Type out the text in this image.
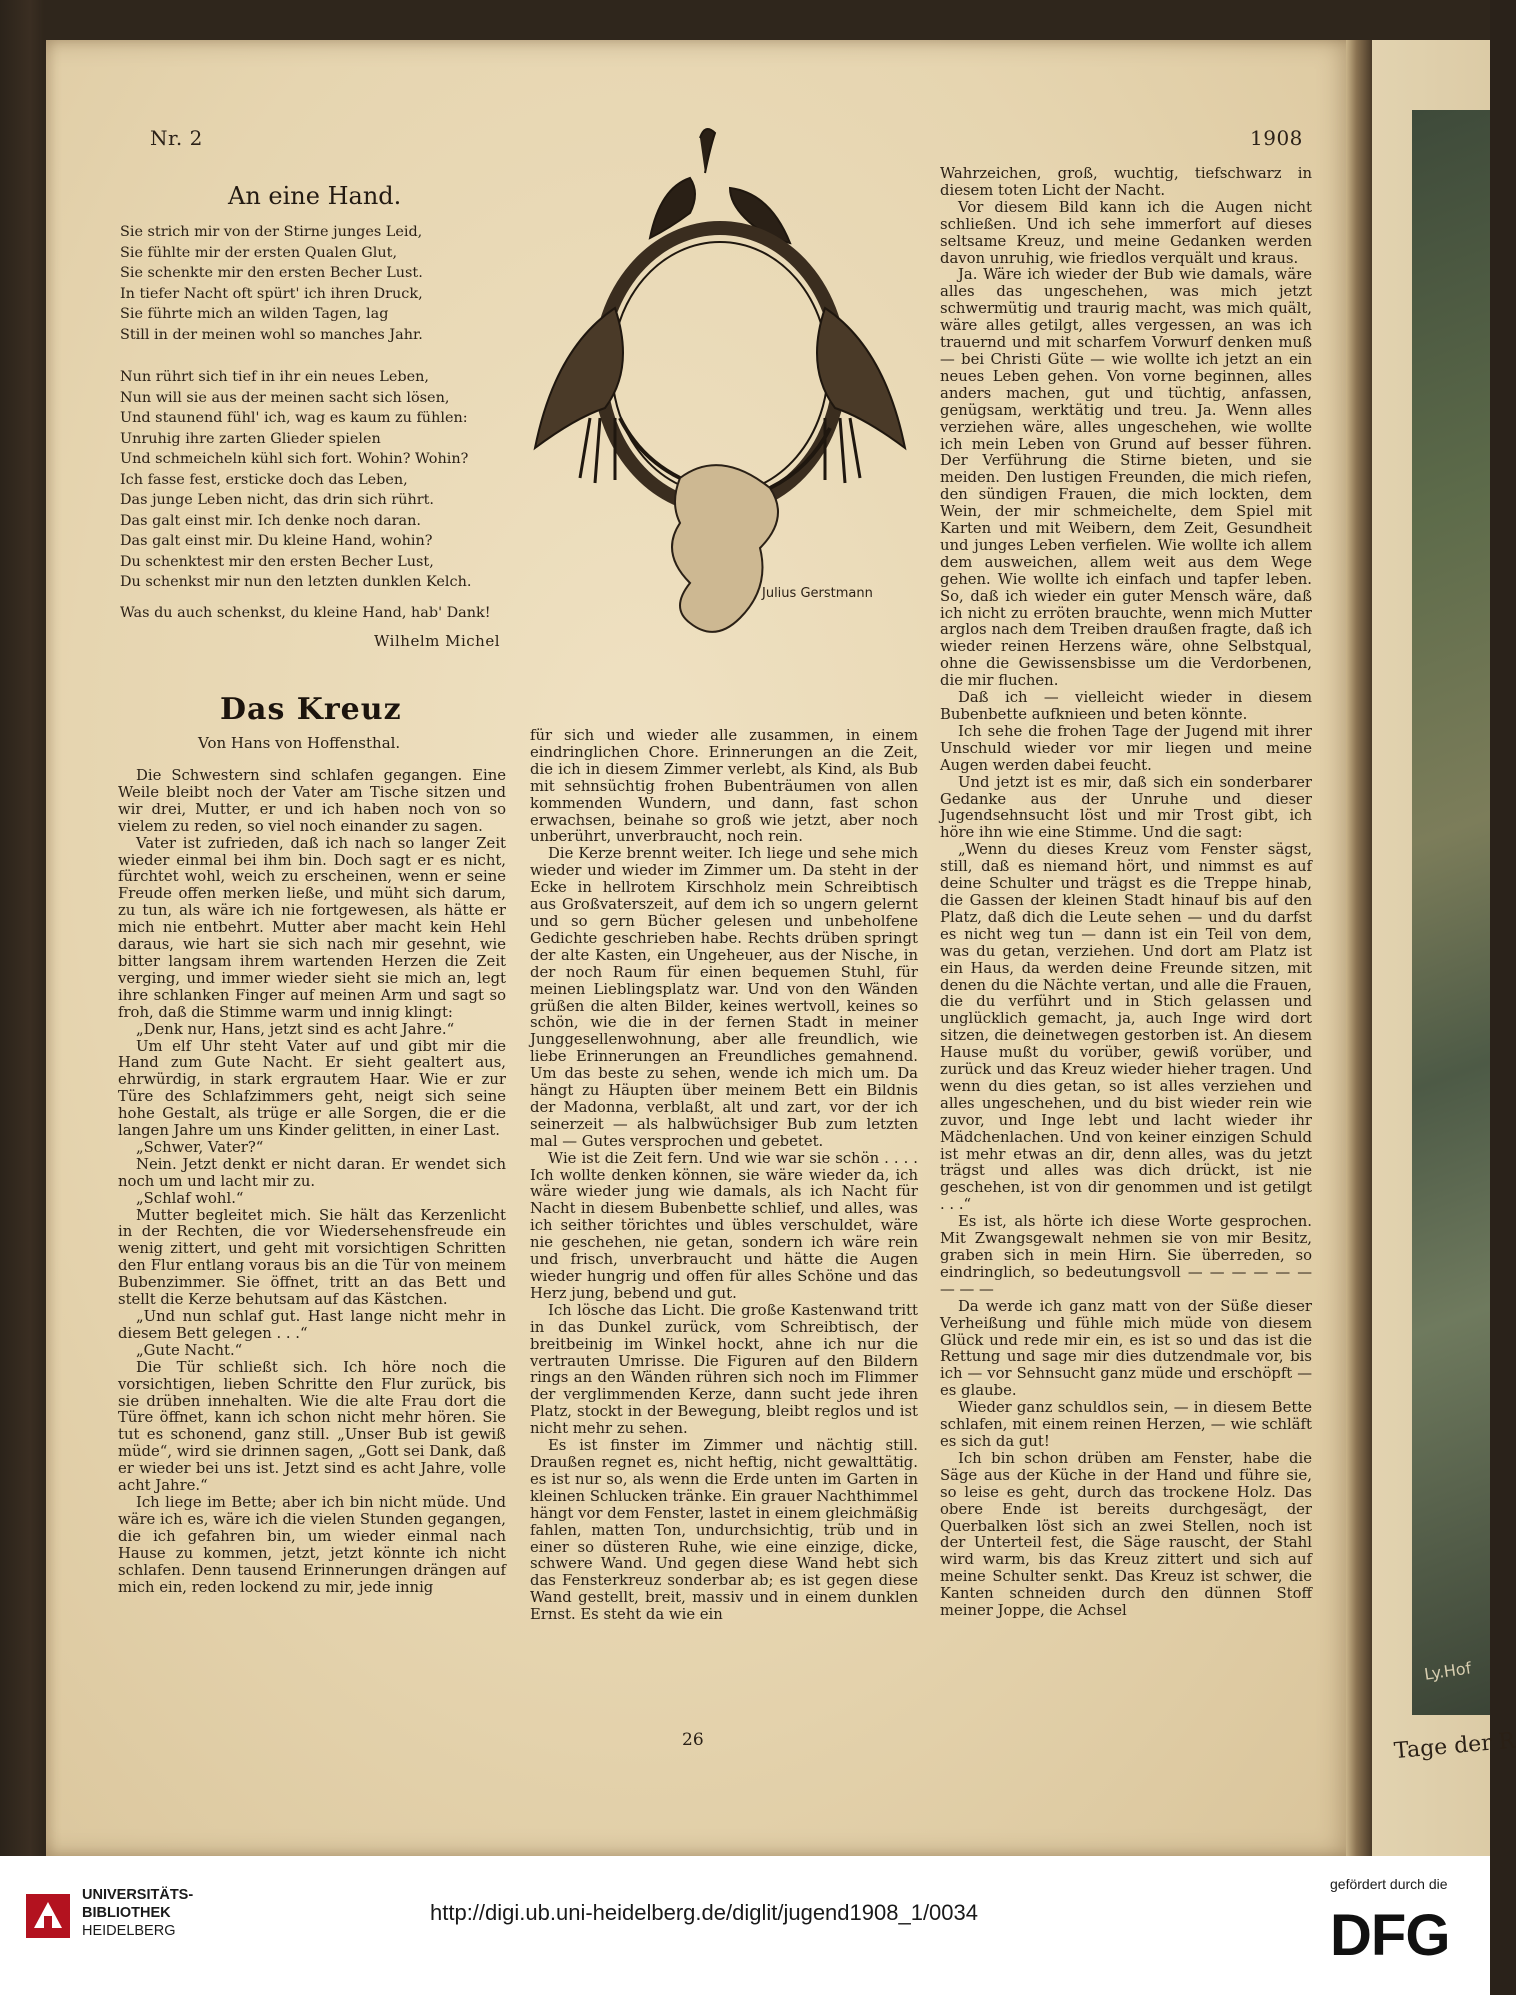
Ly.Hof
Tage der R
Nr. 2	1908
An eine Hand.
Sie strich mir von der Stirne junges Leid,
Sie fühlte mir der ersten Qualen Glut,
Sie schenkte mir den ersten Becher Lust.
In tiefer Nacht oft spürt' ich ihren Druck,
Sie führte mich an wilden Tagen, lag
Still in der meinen wohl so manches Jahr.
Nun rührt sich tief in ihr ein neues Leben,
Nun will sie aus der meinen sacht sich lösen,
Und staunend fühl' ich, wag es kaum zu fühlen:
Unruhig ihre zarten Glieder spielen
Und schmeicheln kühl sich fort. Wohin? Wohin?
Ich fasse fest, ersticke doch das Leben,
Das junge Leben nicht, das drin sich rührt.
Das galt einst mir. Ich denke noch daran.
Das galt einst mir. Du kleine Hand, wohin?
Du schenktest mir den ersten Becher Lust,
Du schenkst mir nun den letzten dunklen Kelch.
Was du auch schenkst, du kleine Hand, hab' Dank!
Wilhelm Michel
Julius Gerstmann
Das Kreuz
Von Hans von Hoffensthal.

Die Schwestern sind schlafen gegangen. Eine Weile bleibt noch der Vater am Tische sitzen und wir drei, Mutter, er und ich haben noch von so vielem zu reden, so viel noch einander zu sagen.

Vater ist zufrieden, daß ich nach so langer Zeit wieder einmal bei ihm bin. Doch sagt er es nicht, fürchtet wohl, weich zu erscheinen, wenn er seine Freude offen merken ließe, und müht sich darum, zu tun, als wäre ich nie fortgewesen, als hätte er mich nie entbehrt. Mutter aber macht kein Hehl daraus, wie hart sie sich nach mir gesehnt, wie bitter langsam ihrem wartenden Herzen die Zeit verging, und immer wieder sieht sie mich an, legt ihre schlanken Finger auf meinen Arm und sagt so froh, daß die Stimme warm und innig klingt:

„Denk nur, Hans, jetzt sind es acht Jahre.“

Um elf Uhr steht Vater auf und gibt mir die Hand zum Gute Nacht. Er sieht gealtert aus, ehrwürdig, in stark ergrautem Haar. Wie er zur Türe des Schlafzimmers geht, neigt sich seine hohe Gestalt, als trüge er alle Sorgen, die er die langen Jahre um uns Kinder gelitten, in einer Last.

„Schwer, Vater?“

Nein. Jetzt denkt er nicht daran. Er wendet sich noch um und lacht mir zu.

„Schlaf wohl.“

Mutter begleitet mich. Sie hält das Kerzenlicht in der Rechten, die vor Wiedersehensfreude ein wenig zittert, und geht mit vorsichtigen Schritten den Flur entlang voraus bis an die Tür von meinem Bubenzimmer. Sie öffnet, tritt an das Bett und stellt die Kerze behutsam auf das Kästchen.

„Und nun schlaf gut. Hast lange nicht mehr in diesem Bett gelegen . . .“

„Gute Nacht.“

Die Tür schließt sich. Ich höre noch die vorsichtigen, lieben Schritte den Flur zurück, bis sie drüben innehalten. Wie die alte Frau dort die Türe öffnet, kann ich schon nicht mehr hören. Sie tut es schonend, ganz still. „Unser Bub ist gewiß müde“, wird sie drinnen sagen, „Gott sei Dank, daß er wieder bei uns ist. Jetzt sind es acht Jahre, volle acht Jahre.“

Ich liege im Bette; aber ich bin nicht müde. Und wäre ich es, wäre ich die vielen Stunden gegangen, die ich gefahren bin, um wieder einmal nach Hause zu kommen, jetzt, jetzt könnte ich nicht schlafen. Denn tausend Erinnerungen drängen auf mich ein, reden lockend zu mir, jede innig

für sich und wieder alle zusammen, in einem eindringlichen Chore. Erinnerungen an die Zeit, die ich in diesem Zimmer verlebt, als Kind, als Bub mit sehnsüchtig frohen Bubenträumen von allen kommenden Wundern, und dann, fast schon erwachsen, beinahe so groß wie jetzt, aber noch unberührt, unverbraucht, noch rein.

Die Kerze brennt weiter. Ich liege und sehe mich wieder und wieder im Zimmer um. Da steht in der Ecke in hellrotem Kirschholz mein Schreibtisch aus Großvaterszeit, auf dem ich so ungern gelernt und so gern Bücher gelesen und unbeholfene Gedichte geschrieben habe. Rechts drüben springt der alte Kasten, ein Ungeheuer, aus der Nische, in der noch Raum für einen bequemen Stuhl, für meinen Lieblingsplatz war. Und von den Wänden grüßen die alten Bilder, keines wertvoll, keines so schön, wie die in der fernen Stadt in meiner Junggesellenwohnung, aber alle freundlich, wie liebe Erinnerungen an Freundliches gemahnend. Um das beste zu sehen, wende ich mich um. Da hängt zu Häupten über meinem Bett ein Bildnis der Madonna, verblaßt, alt und zart, vor der ich seinerzeit — als halbwüchsiger Bub zum letzten mal — Gutes versprochen und gebetet.

Wie ist die Zeit fern. Und wie war sie schön . . . . Ich wollte denken können, sie wäre wieder da, ich wäre wieder jung wie damals, als ich Nacht für Nacht in diesem Bubenbette schlief, und alles, was ich seither törichtes und übles verschuldet, wäre nie geschehen, nie getan, sondern ich wäre rein und frisch, unverbraucht und hätte die Augen wieder hungrig und offen für alles Schöne und das Herz jung, bebend und gut.

Ich lösche das Licht. Die große Kastenwand tritt in das Dunkel zurück, vom Schreibtisch, der breitbeinig im Winkel hockt, ahne ich nur die vertrauten Umrisse. Die Figuren auf den Bildern rings an den Wänden rühren sich noch im Flimmer der verglimmenden Kerze, dann sucht jede ihren Platz, stockt in der Bewegung, bleibt reglos und ist nicht mehr zu sehen.

Es ist finster im Zimmer und nächtig still. Draußen regnet es, nicht heftig, nicht gewalttätig. es ist nur so, als wenn die Erde unten im Garten in kleinen Schlucken tränke. Ein grauer Nachthimmel hängt vor dem Fenster, lastet in einem gleichmäßig fahlen, matten Ton, undurchsichtig, trüb und in einer so düsteren Ruhe, wie eine einzige, dicke, schwere Wand. Und gegen diese Wand hebt sich das Fensterkreuz sonderbar ab; es ist gegen diese Wand gestellt, breit, massiv und in einem dunklen Ernst. Es steht da wie ein

Wahrzeichen, groß, wuchtig, tiefschwarz in diesem toten Licht der Nacht.

Vor diesem Bild kann ich die Augen nicht schließen. Und ich sehe immerfort auf dieses seltsame Kreuz, und meine Gedanken werden davon unruhig, wie friedlos verquält und kraus.

Ja. Wäre ich wieder der Bub wie damals, wäre alles das ungeschehen, was mich jetzt schwermütig und traurig macht, was mich quält, wäre alles getilgt, alles vergessen, an was ich trauernd und mit scharfem Vorwurf denken muß — bei Christi Güte — wie wollte ich jetzt an ein neues Leben gehen. Von vorne beginnen, alles anders machen, gut und tüchtig, anfassen, genügsam, werktätig und treu. Ja. Wenn alles verziehen wäre, alles ungeschehen, wie wollte ich mein Leben von Grund auf besser führen. Der Verführung die Stirne bieten, und sie meiden. Den lustigen Freunden, die mich riefen, den sündigen Frauen, die mich lockten, dem Wein, der mir schmeichelte, dem Spiel mit Karten und mit Weibern, dem Zeit, Gesundheit und junges Leben verfielen. Wie wollte ich allem dem ausweichen, allem weit aus dem Wege gehen. Wie wollte ich einfach und tapfer leben. So, daß ich wieder ein guter Mensch wäre, daß ich nicht zu erröten brauchte, wenn mich Mutter arglos nach dem Treiben draußen fragte, daß ich wieder reinen Herzens wäre, ohne Selbstqual, ohne die Gewissensbisse um die Verdorbenen, die mir fluchen.

Daß ich — vielleicht wieder in diesem Bubenbette aufknieen und beten könnte.

Ich sehe die frohen Tage der Jugend mit ihrer Unschuld wieder vor mir liegen und meine Augen werden dabei feucht.

Und jetzt ist es mir, daß sich ein sonderbarer Gedanke aus der Unruhe und dieser Jugendsehnsucht löst und mir Trost gibt, ich höre ihn wie eine Stimme. Und die sagt:

„Wenn du dieses Kreuz vom Fenster sägst, still, daß es niemand hört, und nimmst es auf deine Schulter und trägst es die Treppe hinab, die Gassen der kleinen Stadt hinauf bis auf den Platz, daß dich die Leute sehen — und du darfst es nicht weg tun — dann ist ein Teil von dem, was du getan, verziehen. Und dort am Platz ist ein Haus, da werden deine Freunde sitzen, mit denen du die Nächte vertan, und alle die Frauen, die du verführt und in Stich gelassen und unglücklich gemacht, ja, auch Inge wird dort sitzen, die deinetwegen gestorben ist. An diesem Hause mußt du vorüber, gewiß vorüber, und zurück und das Kreuz wieder hieher tragen. Und wenn du dies getan, so ist alles verziehen und alles ungeschehen, und du bist wieder rein wie zuvor, und Inge lebt und lacht wieder ihr Mädchenlachen. Und von keiner einzigen Schuld ist mehr etwas an dir, denn alles, was du jetzt trägst und alles was dich drückt, ist nie geschehen, ist von dir genommen und ist getilgt . . .“

Es ist, als hörte ich diese Worte gesprochen. Mit Zwangsgewalt nehmen sie von mir Besitz, graben sich in mein Hirn. Sie überreden, so eindringlich, so bedeutungsvoll — — — — — — — — —

Da werde ich ganz matt von der Süße dieser Verheißung und fühle mich müde von diesem Glück und rede mir ein, es ist so und das ist die Rettung und sage mir dies dutzendmale vor, bis ich — vor Sehnsucht ganz müde und erschöpft — es glaube.

Wieder ganz schuldlos sein, — in diesem Bette schlafen, mit einem reinen Herzen, — wie schläft es sich da gut!

Ich bin schon drüben am Fenster, habe die Säge aus der Küche in der Hand und führe sie, so leise es geht, durch das trockene Holz. Das obere Ende ist bereits durchgesägt, der Querbalken löst sich an zwei Stellen, noch ist der Unterteil fest, die Säge rauscht, der Stahl wird warm, bis das Kreuz zittert und sich auf meine Schulter senkt. Das Kreuz ist schwer, die Kanten schneiden durch den dünnen Stoff meiner Joppe, die Achsel

26
UNIVERSITÄTS-
BIBLIOTHEK
HEIDELBERG
http://digi.ub.uni-heidelberg.de/diglit/jugend1908_1/0034
gefördert durch die
DFG
